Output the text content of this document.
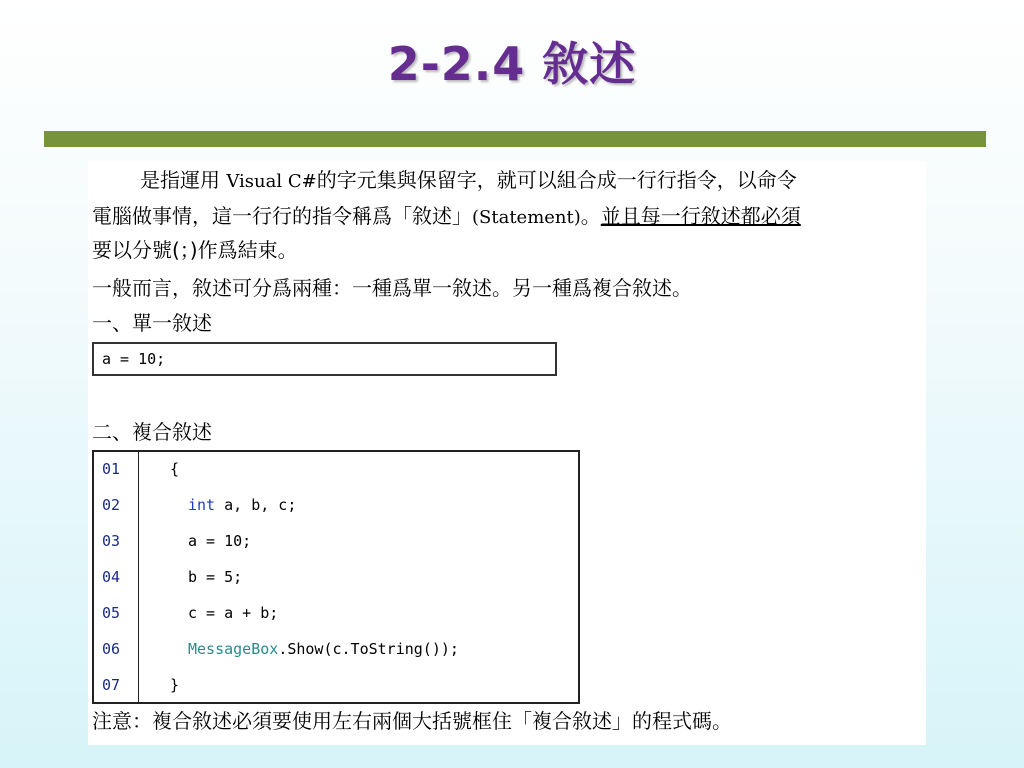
2-2.4 敘述
是指運用 Visual C#的字元集與保留字，就可以組合成一行行指令，以命令
電腦做事情，這一行行的指令稱爲「敘述」(Statement)。並且每一行敘述都必須
要以分號(；)作爲結束。
一般而言，敘述可分爲兩種：一種爲單一敘述。另一種爲複合敘述。
一、單一敘述
a = 10;
二、複合敘述
01
02
03
04
05
06
07
{
int a, b, c;
a = 10;
b = 5;
c = a + b;
MessageBox.Show(c.ToString());
}
注意：複合敘述必須要使用左右兩個大括號框住「複合敘述」的程式碼。
